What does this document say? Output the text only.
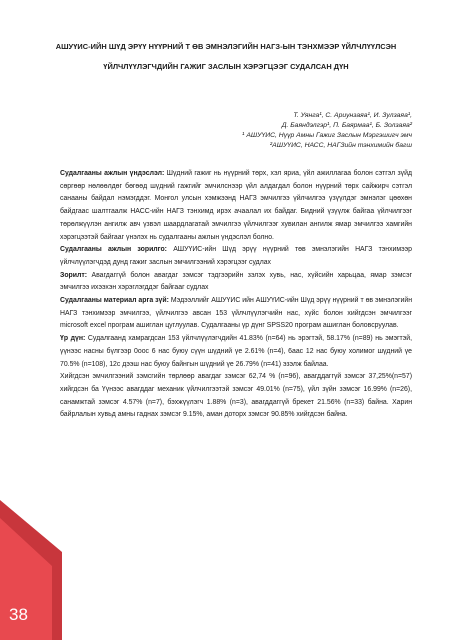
АШУҮИС-ИЙН ШҮД ЭРҮҮ НҮҮРНИЙ Т ӨВ ЭМНЭЛЭГИЙН НАГЗ-ЫН ТЭНХМЭЭР ҮЙЛЧЛҮҮЛСЭН
ҮЙЛЧЛҮҮЛЭГЧДИЙН ГАЖИГ ЗАСЛЫН ХЭРЭГЦЭЭГ СУДАЛСАН ДҮН
Т. Уянга¹, С. Ариунзаяа¹, И. Зулзаяа¹,
Д. Баяндэлгэр¹, П. Баярмаа¹, Б. Золзаяа²
¹ АШУҮИС, Нүүр Амны Гажиг Заслын Мэргэшигч эмч
²АШУҮИС, НАСС, НАГЗийн тэнхимийн багш

Судалгааны ажлын үндэслэл: Шүдний гажиг нь нүүрний төрх, хэл яриа, үйл ажиллагаа болон сэтгэл зүйд сөргөөр нөлөөлдөг бөгөөд шүдний гажгийг эмчилснээр үйл алдагдал болон нүүрний төрх сайжирч сэтгэл санааны байдал нэмэгддэг. Монгол улсын хэмжээнд НАГЗ эмчилгээ үйлчилгээ үзүүлдэг эмнэлэг цөөхөн байдгаас шалтгаалж НАСС-ийн НАГЗ тэнхимд ирэх ачаалал их байдаг. Бидний үзүүлж байгаа үйлчилгээг төрөлжүүлэн ангилж авч үзвэл шаардлагатай эмчилгээ үйлчилгээг хувилан ангилж ямар эмчилгээ хамгийн хэрэгцээтэй байгааг үнэлэх нь судалгааны ажлын үндэслэл болно.

Судалгааны ажлын зорилго: АШУҮИС-ийн Шүд эрүү нүүрний төв эмнэлэгийн НАГЗ тэнхимээр үйлчлүүлэгчдэд дунд гажиг заслын эмчилгээний хэрэгцээг судлах

Зорилт: Авагдаггүй болон авагдаг зэмсэг тэдгээрийн зэлэх хувь, нас, хүйсийн харьцаа, ямар зэмсэг эмчилгээ ихээхэн хэрэглэгддэг байгааг судлах

Судалгааны материал арга зүй: Мэдээллийг АШУҮИС ийн АШУҮИС-ийн Шүд эрүү нүүрний т өв эмнэлэгийн НАГЗ тэнхимээр эмчилгээ, үйлчилгээ авсан 153 үйлчлүүлэгчийн нас, хүйс болон хийгдсэн эмчилгээг microsoft excel програм ашиглан цуглуулав. Судалгааны үр дүнг SPSS20 програм ашиглан боловсруулав.

Үр дүн: Судалгаанд хамрагдсан 153 үйлчлүүлэгчдийн 41.83% (n=64) нь эрэгтэй, 58.17% (n=89) нь эмэгтэй, үүнээс насны бүлгээр 0оос 6 нас буюу сүүн шүдний үе 2.61% (n=4), 6аас 12 нас буюу холимог шүдний үе 70.5% (n=108), 12с дээш нас буюу байнгын шүдний үе 26.79% (n=41) эзэлж байлаа.

Хийгдсэн эмчилгээний зэмсгийн төрлөөр авагдаг зэмсэг 62,74 % (n=96), авагддаггүй зэмсэг 37,25%(n=57) хийгдсэн ба Үүнээс авагддаг механик үйлчилгээтэй зэмсэг 49.01% (n=75), үйл зүйн зэмсэг 16.99% (n=26), санамжтай зэмсэг 4.57% (n=7), бэхжүүлэгч 1.88% (n=3), авагддаггүй брекет 21.56% (n=33) байна. Харин байрлалын хувьд амны гаднах зэмсэг 9.15%, аман доторх зэмсэг 90.85% хийгдсэн байна.

38
